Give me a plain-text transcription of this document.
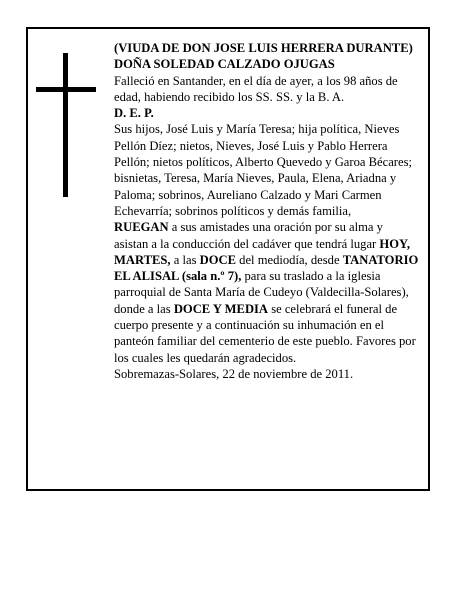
(VIUDA DE DON JOSE LUIS HERRERA DURANTE)

DOÑA SOLEDAD CALZADO OJUGAS

Falleció en Santander, en el día de ayer, a los 98 años de edad, habiendo recibido los SS. SS. y la B. A.

D. E. P.

Sus hijos, José Luis y María Teresa; hija política, Nieves Pellón Díez; nietos, Nieves, José Luis y Pablo Herrera Pellón; nietos políticos, Alberto Quevedo y Garoa Bécares; bisnietas, Teresa, María Nieves, Paula, Elena, Ariadna y Paloma; sobrinos, Aureliano Calzado y Mari Carmen Echevarría; sobrinos políticos y demás familia,

RUEGAN a sus amistades una oración por su alma y asistan a la conducción del cadáver que tendrá lugar HOY, MARTES, a las DOCE del mediodía, desde TANATORIO EL ALISAL (sala n.º 7), para su traslado a la iglesia parroquial de Santa María de Cudeyo (Valdecilla-Solares), donde a las DOCE Y MEDIA se celebrará el funeral de cuerpo presente y a continuación su inhumación en el panteón familiar del cementerio de este pueblo. Favores por los cuales les quedarán agradecidos.

Sobremazas-Solares, 22 de noviembre de 2011.
